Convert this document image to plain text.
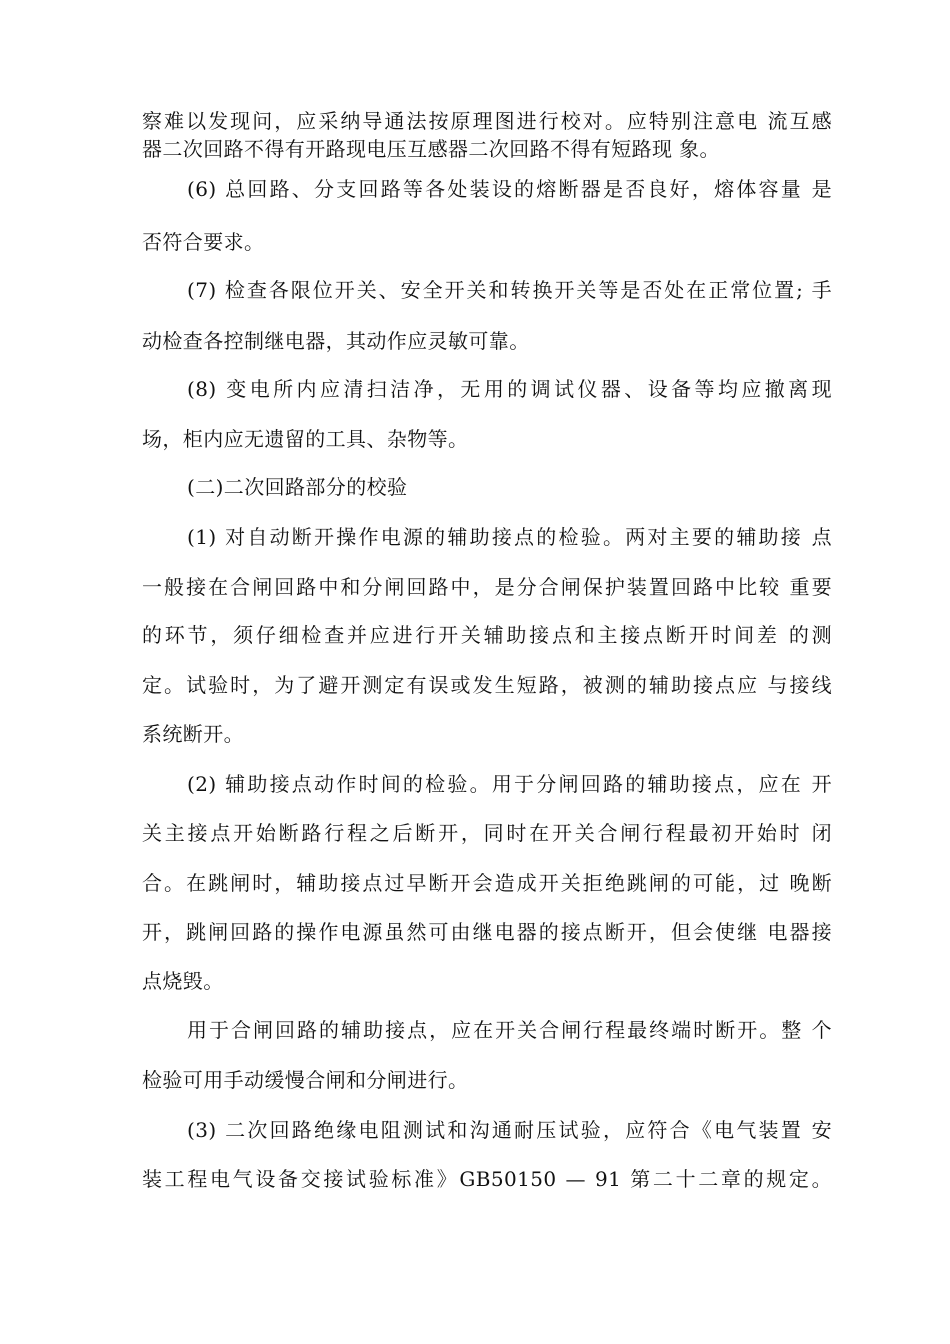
察难以发现问，应采纳导通法按原理图进行校对。应特别注意电 流互感
器二次回路不得有开路现电压互感器二次回路不得有短路现 象。
(6) 总回路、分支回路等各处装设的熔断器是否良好，熔体容量 是
否符合要求。
(7) 检查各限位开关、安全开关和转换开关等是否处在正常位置; 手
动检查各控制继电器，其动作应灵敏可靠。
(8) 变电所内应清扫洁净，无用的调试仪器、设备等均应撤离现
场，柜内应无遗留的工具、杂物等。
(二)二次回路部分的校验
(1) 对自动断开操作电源的辅助接点的检验。两对主要的辅助接 点
一般接在合闸回路中和分闸回路中，是分合闸保护装置回路中比较 重要
的环节，须仔细检查并应进行开关辅助接点和主接点断开时间差 的测
定。试验时，为了避开测定有误或发生短路，被测的辅助接点应 与接线
系统断开。
(2) 辅助接点动作时间的检验。用于分闸回路的辅助接点，应在 开
关主接点开始断路行程之后断开，同时在开关合闸行程最初开始时 闭
合。在跳闸时，辅助接点过早断开会造成开关拒绝跳闸的可能，过 晚断
开，跳闸回路的操作电源虽然可由继电器的接点断开，但会使继 电器接
点烧毁。
用于合闸回路的辅助接点，应在开关合闸行程最终端时断开。整 个
检验可用手动缓慢合闸和分闸进行。
(3) 二次回路绝缘电阻测试和沟通耐压试验，应符合《电气装置 安
装工程电气设备交接试验标准》GB50150 — 91 第二十二章的规定。
